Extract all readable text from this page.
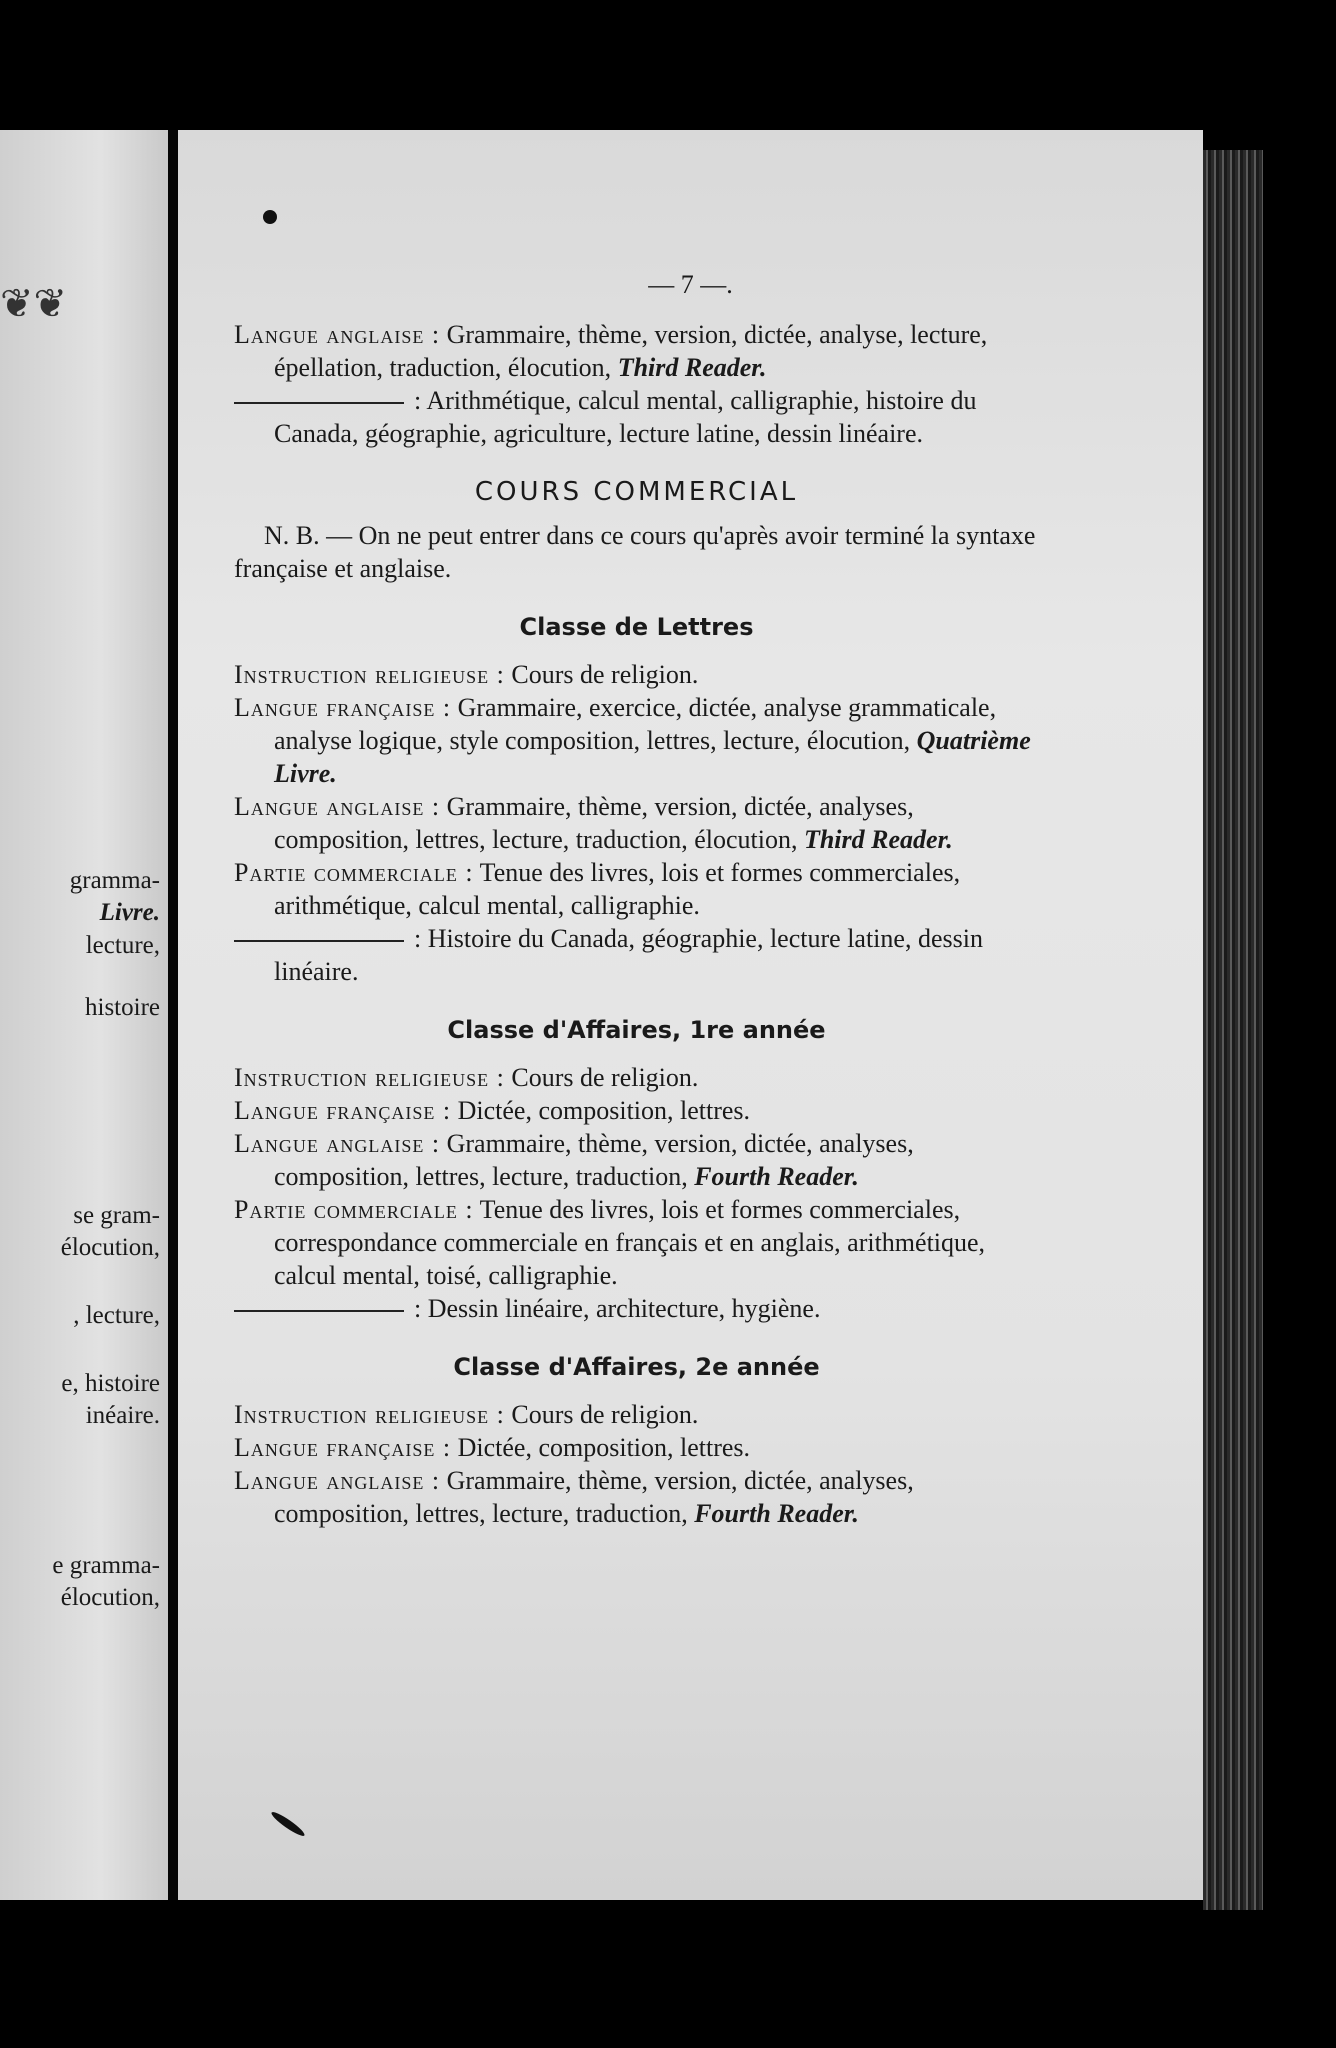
❦❦
gramma-
Livre.
lecture,
histoire
se gram-
élocution,
, lecture,
e, histoire
inéaire.
e gramma-
élocution,
— 7 —.

Langue anglaise : Grammaire, thème, version, dictée, analyse, lecture, épellation, traduction, élocution, Third Reader.

: Arithmétique, calcul mental, calligraphie, histoire du Canada, géographie, agriculture, lecture latine, dessin linéaire.

COURS COMMERCIAL

N. B. — On ne peut entrer dans ce cours qu'après avoir terminé la syntaxe française et anglaise.

Classe de Lettres

Instruction religieuse : Cours de religion.

Langue française : Grammaire, exercice, dictée, analyse grammaticale, analyse logique, style composition, lettres, lecture, élocution, Quatrième Livre.

Langue anglaise : Grammaire, thème, version, dictée, analyses, composition, lettres, lecture, traduction, élocution, Third Reader.

Partie commerciale : Tenue des livres, lois et formes commerciales, arithmétique, calcul mental, calligraphie.

: Histoire du Canada, géographie, lecture latine, dessin linéaire.

Classe d'Affaires, 1re année

Instruction religieuse : Cours de religion.

Langue française : Dictée, composition, lettres.

Langue anglaise : Grammaire, thème, version, dictée, analyses, composition, lettres, lecture, traduction, Fourth Reader.

Partie commerciale : Tenue des livres, lois et formes commerciales, correspondance commerciale en français et en anglais, arithmétique, calcul mental, toisé, calligraphie.

: Dessin linéaire, architecture, hygiène.

Classe d'Affaires, 2e année

Instruction religieuse : Cours de religion.

Langue française : Dictée, composition, lettres.

Langue anglaise : Grammaire, thème, version, dictée, analyses, composition, lettres, lecture, traduction, Fourth Reader.
